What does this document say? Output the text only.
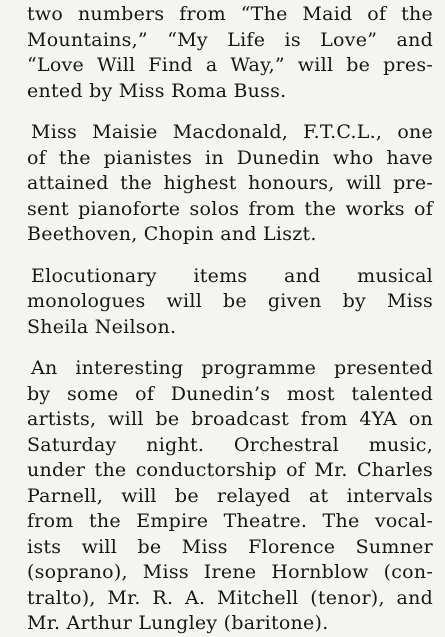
two numbers from “The Maid of the
Mountains,” “My Life is Love” and
“Love Will Find a Way,” will be pres-
ented by Miss Roma Buss.
Miss Maisie Macdonald, F.T.C.L., one
of the pianistes in Dunedin who have
attained the highest honours, will pre-
sent pianoforte solos from the works of
Beethoven, Chopin and Liszt.
Elocutionary items and musical
monologues will be given by Miss
Sheila Neilson.
An interesting programme presented
by some of Dunedin’s most talented
artists, will be broadcast from 4YA on
Saturday night. Orchestral music,
under the conductorship of Mr. Charles
Parnell, will be relayed at intervals
from the Empire Theatre. The vocal-
ists will be Miss Florence Sumner
(soprano), Miss Irene Hornblow (con-
tralto), Mr. R. A. Mitchell (tenor), and
Mr. Arthur Lungley (baritone).
